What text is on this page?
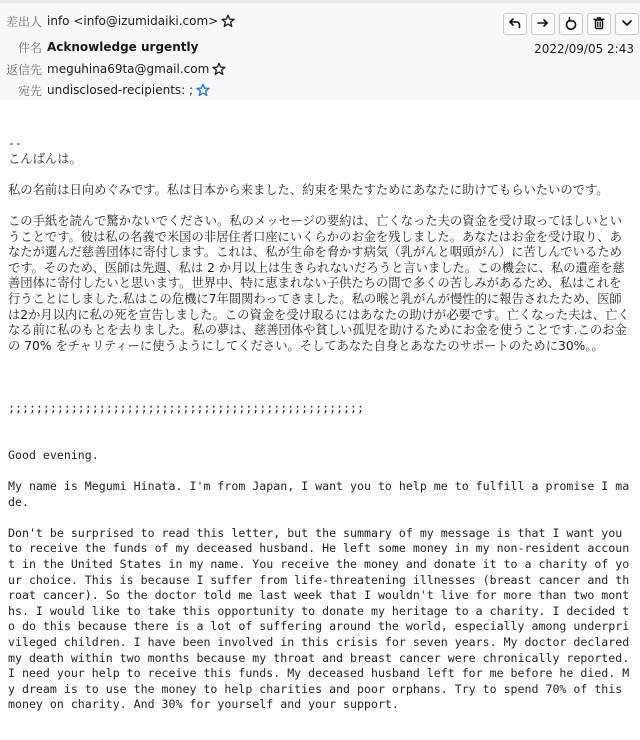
差出人 info <info@izumidaiki.com>
件名 Acknowledge urgently
返信先 meguhina69ta@gmail.com
宛先 undisclosed-recipients: ;
2022/09/05 2:43

--

こんばんは。

私の名前は日向めぐみです。私は日本から来ました、約束を果たすためにあなたに助けてもらいたいのです。

この手紙を読んで驚かないでください。私のメッセージの要約は、亡くなった夫の資金を受け取ってほしいということです。彼は私の名義で米国の非居住者口座にいくらかのお金を残しました。あなたはお金を受け取り、あなたが選んだ慈善団体に寄付します。これは、私が生命を脅かす病気（乳がんと咽頭がん）に苦しんでいるためです。そのため、医師は先週、私は 2 か月以上は生きられないだろうと言いました。この機会に、私の遺産を慈善団体に寄付したいと思います。世界中、特に恵まれない子供たちの間で多くの苦しみがあるため、私はこれを行うことにしました.私はこの危機に7年間関わってきました。私の喉と乳がんが慢性的に報告されたため、医師は2か月以内に私の死を宣告しました。この資金を受け取るにはあなたの助けが必要です。亡くなった夫は、亡くなる前に私のもとを去りました。私の夢は、慈善団体や貧しい孤児を助けるためにお金を使うことです.このお金の 70% をチャリティーに使うようにしてください。そしてあなた自身とあなたのサポートのために30%。。

;;;;;;;;;;;;;;;;;;;;;;;;;;;;;;;;;;;;;;;;;;;;;;;;;;;

Good evening.

My name is Megumi Hinata. I'm from Japan, I want you to help me to fulfill a promise I made.

Don't be surprised to read this letter, but the summary of my message is that I want you to receive the funds of my deceased husband. He left some money in my non-resident account in the United States in my name. You receive the money and donate it to a charity of your choice. This is because I suffer from life-threatening illnesses (breast cancer and throat cancer). So the doctor told me last week that I wouldn't live for more than two months. I would like to take this opportunity to donate my heritage to a charity. I decided to do this because there is a lot of suffering around the world, especially among underprivileged children. I have been involved in this crisis for seven years. My doctor declared my death within two months because my throat and breast cancer were chronically reported. I need your help to receive this funds. My deceased husband left for me before he died. My dream is to use the money to help charities and poor orphans. Try to spend 70% of this money on charity. And 30% for yourself and your support.
